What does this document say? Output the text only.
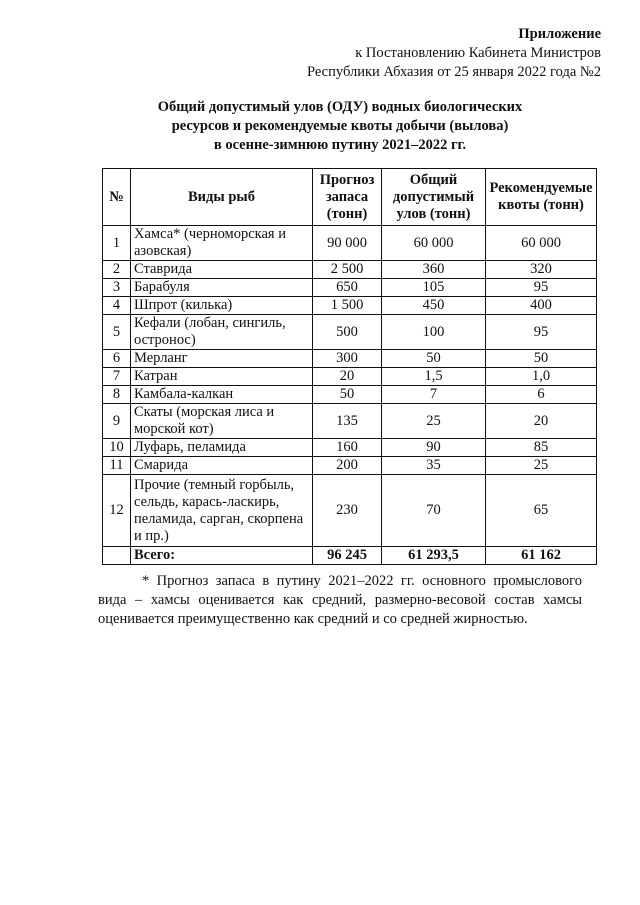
Приложение
к Постановлению Кабинета Министров
Республики Абхазия от 25 января 2022 года №2
Общий допустимый улов (ОДУ) водных биологических
ресурсов и рекомендуемые квоты добычи (вылова)
в осенне-зимнюю путину 2021–2022 гг.
№	Виды рыб	Прогноз запаса (тонн)	Общий допустимый улов (тонн)	Рекомендуемые квоты (тонн)
1	Хамса* (черноморская и азовская)	90 000	60 000	60 000
2	Ставрида	2 500	360	320
3	Барабуля	650	105	95
4	Шпрот (килька)	1 500	450	400
5	Кефали (лобан, сингиль, остронос)	500	100	95
6	Мерланг	300	50	50
7	Катран	20	1,5	1,0
8	Камбала-калкан	50	7	6
9	Скаты (морская лиса и морской кот)	135	25	20
10	Луфарь, пеламида	160	90	85
11	Смарида	200	35	25
12	Прочие (темный горбыль, сельдь, карась-ласкирь, пеламида, сарган, скорпена и пр.)	230	70	65
	Всего:	96 245	61 293,5	61 162
* Прогноз запаса в путину 2021–2022 гг. основного промыслового вида – хамсы оценивается как средний, размерно-весовой состав хамсы оценивается преимущественно как средний и со средней жирностью.
